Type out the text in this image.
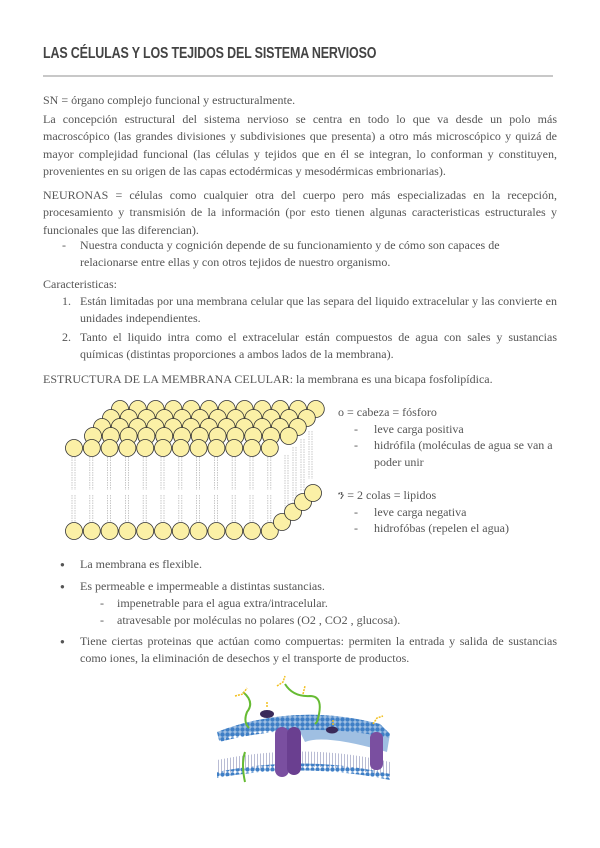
LAS CÉLULAS Y LOS TEJIDOS DEL SISTEMA NERVIOSO
SN = órgano complejo funcional y estructuralmente.
La concepción estructural del sistema nervioso se centra en todo lo que va desde un polo más macroscópico (las grandes divisiones y subdivisiones que presenta) a otro más microscópico y quizá de mayor complejidad funcional (las células y tejidos que en él se integran, lo conforman y constituyen, provenientes en su origen de las capas ectodérmicas y mesodérmicas embrionarias).
NEURONAS = células como cualquier otra del cuerpo pero más especializadas en la recepción, procesamiento y transmisión de la información (por esto tienen algunas caracteristicas estructurales y funcionales que las diferencian).
- Nuestra conducta y cognición depende de su funcionamiento y de cómo son capaces de relacionarse entre ellas y con otros tejidos de nuestro organismo.
Caracteristicas:
1. Están limitadas por una membrana celular que las separa del liquido extracelular y las convierte en unidades independientes.
2. Tanto el liquido intra como el extracelular están compuestos de agua con sales y sustancias químicas (distintas proporciones a ambos lados de la membrana).
ESTRUCTURA DE LA MEMBRANA CELULAR: la membrana es una bicapa fosfolipídica.
o = cabeza = fósforo
- leve carga positiva
- hidrófila (moléculas de agua se van a poder unir
ን = 2 colas = lipidos
- leve carga negativa
- hidrofóbas (repelen el agua)
● La membrana es flexible.
● Es permeable e impermeable a distintas sustancias.
- impenetrable para el agua extra/intracelular.
- atravesable por moléculas no polares (O2 , CO2 , glucosa).
● Tiene ciertas proteinas que actúan como compuertas: permiten la entrada y salida de sustancias como iones, la eliminación de desechos y el transporte de productos.
